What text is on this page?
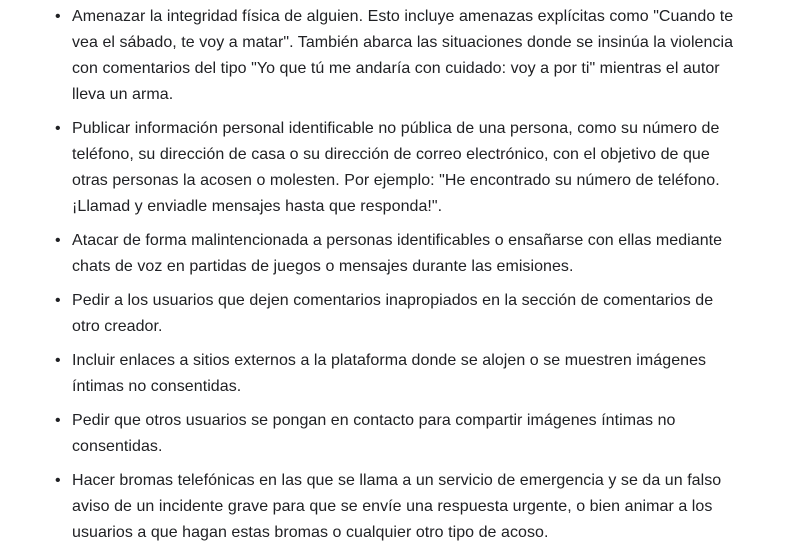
• Amenazar la integridad física de alguien. Esto incluye amenazas explícitas como "Cuando te
vea el sábado, te voy a matar". También abarca las situaciones donde se insinúa la violencia
con comentarios del tipo "Yo que tú me andaría con cuidado: voy a por ti" mientras el autor
lleva un arma.
• Publicar información personal identificable no pública de una persona, como su número de
teléfono, su dirección de casa o su dirección de correo electrónico, con el objetivo de que
otras personas la acosen o molesten. Por ejemplo: "He encontrado su número de teléfono.
¡Llamad y enviadle mensajes hasta que responda!".
• Atacar de forma malintencionada a personas identificables o ensañarse con ellas mediante
chats de voz en partidas de juegos o mensajes durante las emisiones.
• Pedir a los usuarios que dejen comentarios inapropiados en la sección de comentarios de
otro creador.
• Incluir enlaces a sitios externos a la plataforma donde se alojen o se muestren imágenes
íntimas no consentidas.
• Pedir que otros usuarios se pongan en contacto para compartir imágenes íntimas no
consentidas.
• Hacer bromas telefónicas en las que se llama a un servicio de emergencia y se da un falso
aviso de un incidente grave para que se envíe una respuesta urgente, o bien animar a los
usuarios a que hagan estas bromas o cualquier otro tipo de acoso.
